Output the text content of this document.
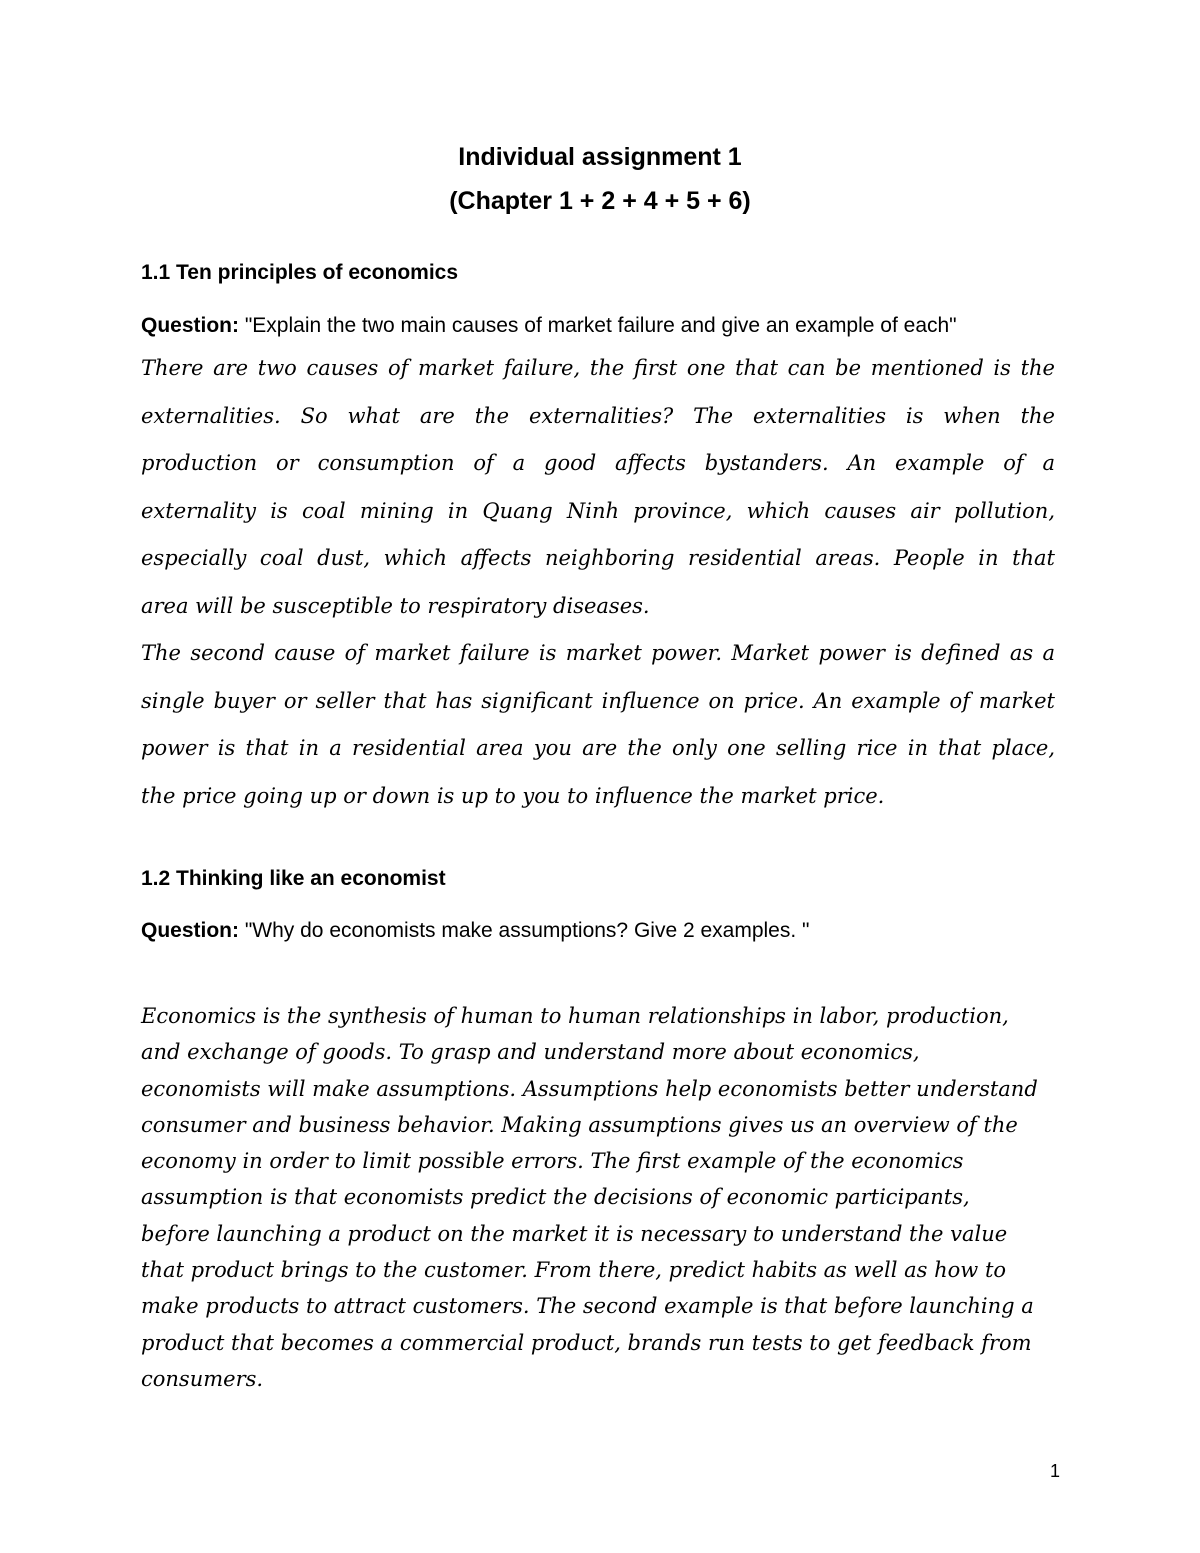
Individual assignment 1
(Chapter 1 + 2 + 4 + 5 + 6)
1.1 Ten principles of economics
Question: "Explain the two main causes of market failure and give an example of each"
There are two causes of market failure, the first one that can be mentioned is the
externalities. So what are the externalities? The externalities is when the
production or consumption of a good affects bystanders. An example of a
externality is coal mining in Quang Ninh province, which causes air pollution,
especially coal dust, which affects neighboring residential areas. People in that
area will be susceptible to respiratory diseases.
The second cause of market failure is market power. Market power is defined as a
single buyer or seller that has significant influence on price. An example of market
power is that in a residential area you are the only one selling rice in that place,
the price going up or down is up to you to influence the market price.
1.2 Thinking like an economist
Question: "Why do economists make assumptions? Give 2 examples. "
Economics is the synthesis of human to human relationships in labor, production,
and exchange of goods. To grasp and understand more about economics,
economists will make assumptions. Assumptions help economists better understand
consumer and business behavior. Making assumptions gives us an overview of the
economy in order to limit possible errors. The first example of the economics
assumption is that economists predict the decisions of economic participants,
before launching a product on the market it is necessary to understand the value
that product brings to the customer. From there, predict habits as well as how to
make products to attract customers. The second example is that before launching a
product that becomes a commercial product, brands run tests to get feedback from
consumers.
1
